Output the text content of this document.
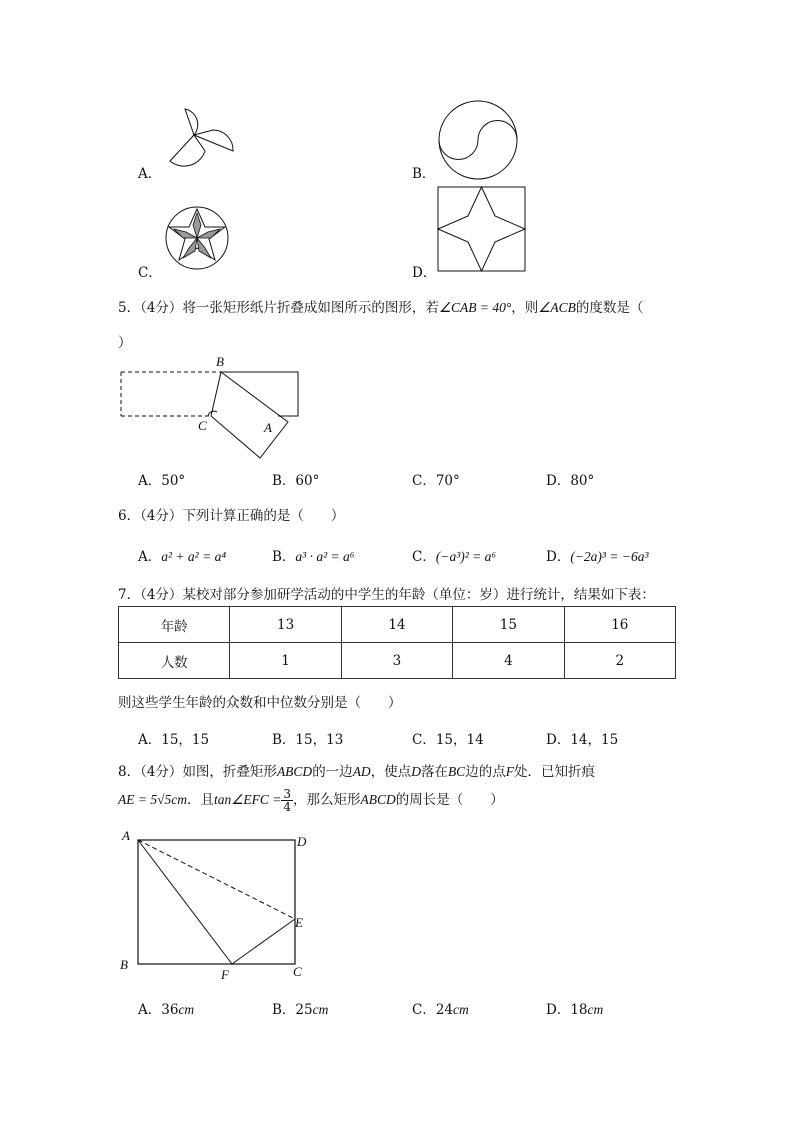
A．	B．
C．	D．
5．（4分）将一张矩形纸片折叠成如图所示的图形，若∠CAB = 40°，则∠ACB的度数是（
）
B
C	A
A．50°	B．60°	C．70°	D．80°
6．（4分）下列计算正确的是（　　）
A．a² + a² = a⁴	B．a³ · a² = a⁶	C．(−a³)² = a⁶	D．(−2a)³ = −6a³
7．（4分）某校对部分参加研学活动的中学生的年龄（单位：岁）进行统计，结果如下表：
年龄	13	14	15	16
人数	1	3	4	2
则这些学生年龄的众数和中位数分别是（　　）
A．15，15	B．15，13	C．15，14	D．14，15
8．（4分）如图，折叠矩形ABCD的一边AD，使点D落在BC边的点F处．已知折痕
AE = 5√5cm．且tan∠EFC = $\frac{3}{4}$ ，那么矩形ABCD的周长是（　　）
A	D
E
B
F	C
A．36cm	B．25cm	C．24cm	D．18cm
